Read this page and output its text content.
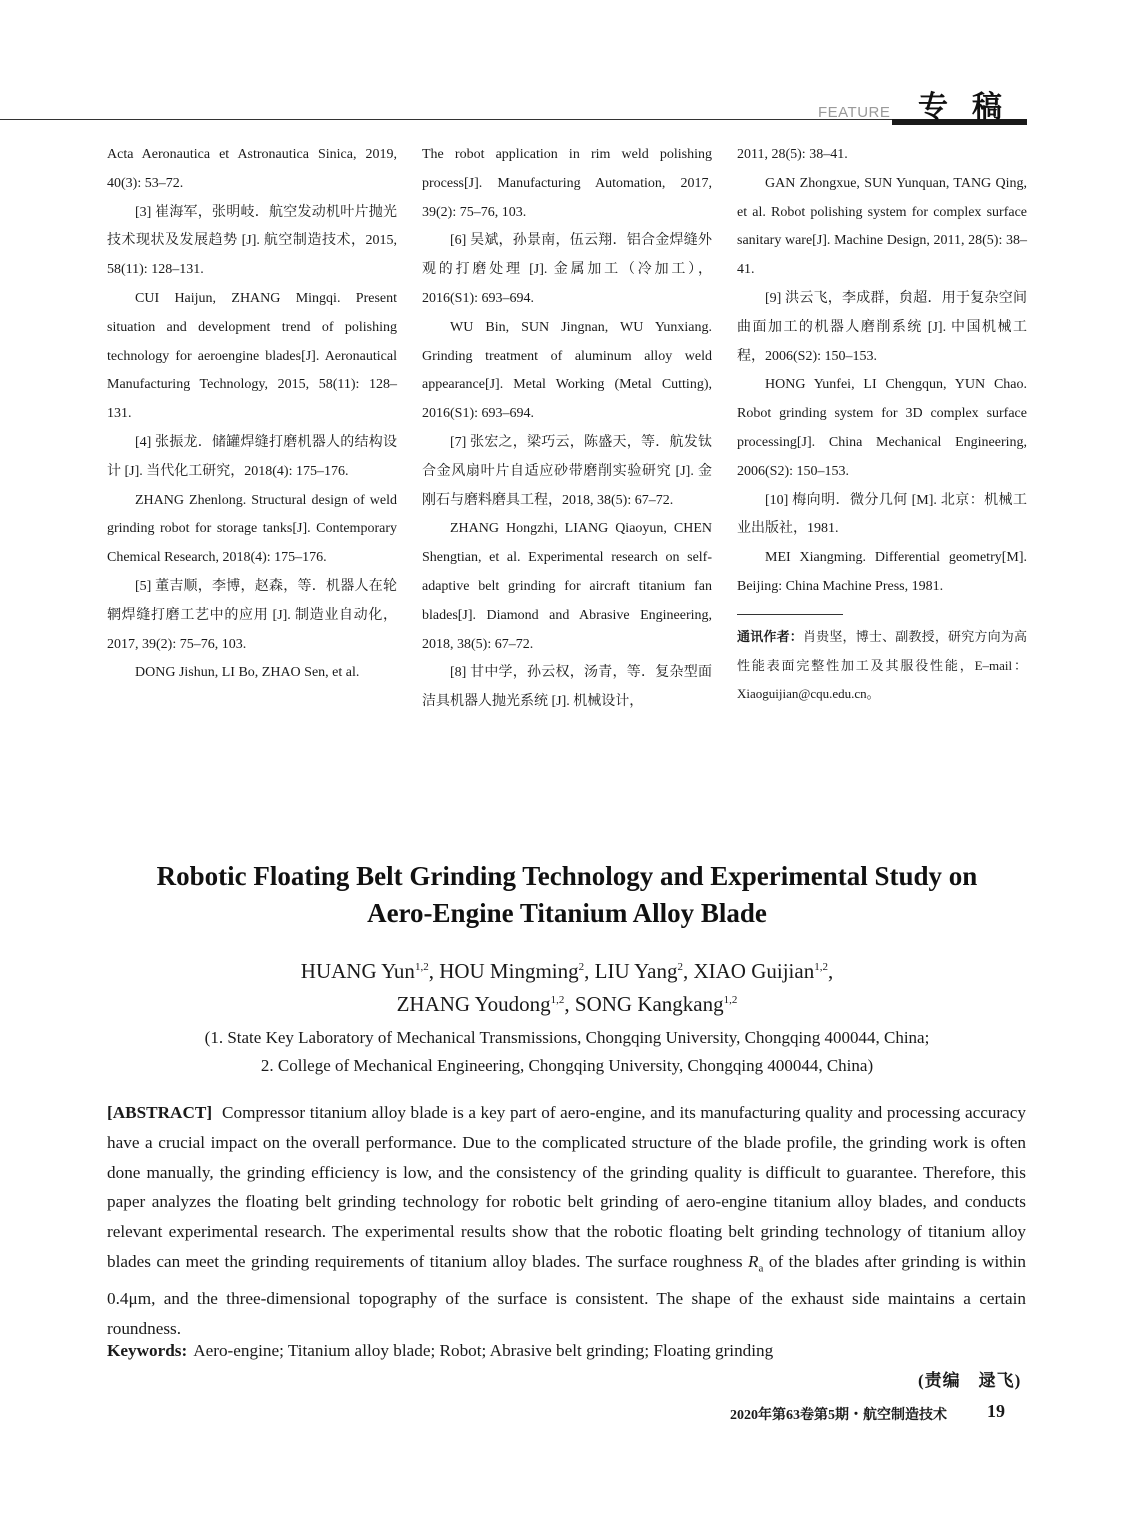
FEATURE 专稿
Acta Aeronautica et Astronautica Sinica, 2019, 40(3): 53–72.
[3] 崔海军，张明岐．航空发动机叶片抛光技术现状及发展趋势 [J]. 航空制造技术，2015, 58(11): 128–131.
CUI Haijun, ZHANG Mingqi. Present situation and development trend of polishing technology for aeroengine blades[J]. Aeronautical Manufacturing Technology, 2015, 58(11): 128–131.
[4] 张振龙．储罐焊缝打磨机器人的结构设计 [J]. 当代化工研究，2018(4): 175–176.
ZHANG Zhenlong. Structural design of weld grinding robot for storage tanks[J]. Contemporary Chemical Research, 2018(4): 175–176.
[5] 董吉顺，李博，赵森，等．机器人在轮辋焊缝打磨工艺中的应用 [J]. 制造业自动化，2017, 39(2): 75–76, 103.
DONG Jishun, LI Bo, ZHAO Sen, et al.
The robot application in rim weld polishing process[J]. Manufacturing Automation, 2017, 39(2): 75–76, 103.
[6] 吴斌，孙景南，伍云翔．铝合金焊缝外观的打磨处理 [J]. 金属加工（冷加工），2016(S1): 693–694.
WU Bin, SUN Jingnan, WU Yunxiang. Grinding treatment of aluminum alloy weld appearance[J]. Metal Working (Metal Cutting), 2016(S1): 693–694.
[7] 张宏之，梁巧云，陈盛天，等．航发钛合金风扇叶片自适应砂带磨削实验研究 [J]. 金刚石与磨料磨具工程，2018, 38(5): 67–72.
ZHANG Hongzhi, LIANG Qiaoyun, CHEN Shengtian, et al. Experimental research on self-adaptive belt grinding for aircraft titanium fan blades[J]. Diamond and Abrasive Engineering, 2018, 38(5): 67–72.
[8] 甘中学，孙云权，汤青，等．复杂型面洁具机器人抛光系统 [J]. 机械设计，
2011, 28(5): 38–41.
GAN Zhongxue, SUN Yunquan, TANG Qing, et al. Robot polishing system for complex surface sanitary ware[J]. Machine Design, 2011, 28(5): 38–41.
[9] 洪云飞，李成群，贠超．用于复杂空间曲面加工的机器人磨削系统 [J]. 中国机械工程，2006(S2): 150–153.
HONG Yunfei, LI Chengqun, YUN Chao. Robot grinding system for 3D complex surface processing[J]. China Mechanical Engineering, 2006(S2): 150–153.
[10] 梅向明．微分几何 [M]. 北京：机械工业出版社，1981.
MEI Xiangming. Differential geometry[M]. Beijing: China Machine Press, 1981.
通讯作者：肖贵坚，博士、副教授，研究方向为高性能表面完整性加工及其服役性能，E–mail：Xiaoguijian@cqu.edu.cn。
Robotic Floating Belt Grinding Technology and Experimental Study on
Aero-Engine Titanium Alloy Blade
HUANG Yun$^{1,2}$, HOU Mingming$^2$, LIU Yang$^2$, XIAO Guijian$^{1,2}$,
ZHANG Youdong$^{1,2}$, SONG Kangkang$^{1,2}$
(1. State Key Laboratory of Mechanical Transmissions, Chongqing University, Chongqing 400044, China;
2. College of Mechanical Engineering, Chongqing University, Chongqing 400044, China)
[ABSTRACT] Compressor titanium alloy blade is a key part of aero-engine, and its manufacturing quality and processing accuracy have a crucial impact on the overall performance. Due to the complicated structure of the blade profile, the grinding work is often done manually, the grinding efficiency is low, and the consistency of the grinding quality is difficult to guarantee. Therefore, this paper analyzes the floating belt grinding technology for robotic belt grinding of aero-engine titanium alloy blades, and conducts relevant experimental research. The experimental results show that the robotic floating belt grinding technology of titanium alloy blades can meet the grinding requirements of titanium alloy blades. The surface roughness $R_a$ of the blades after grinding is within 0.4μm, and the three-dimensional topography of the surface is consistent. The shape of the exhaust side maintains a certain roundness.
Keywords: Aero-engine; Titanium alloy blade; Robot; Abrasive belt grinding; Floating grinding
(责编　逯飞)
2020年第63卷第5期・航空制造技术 19
